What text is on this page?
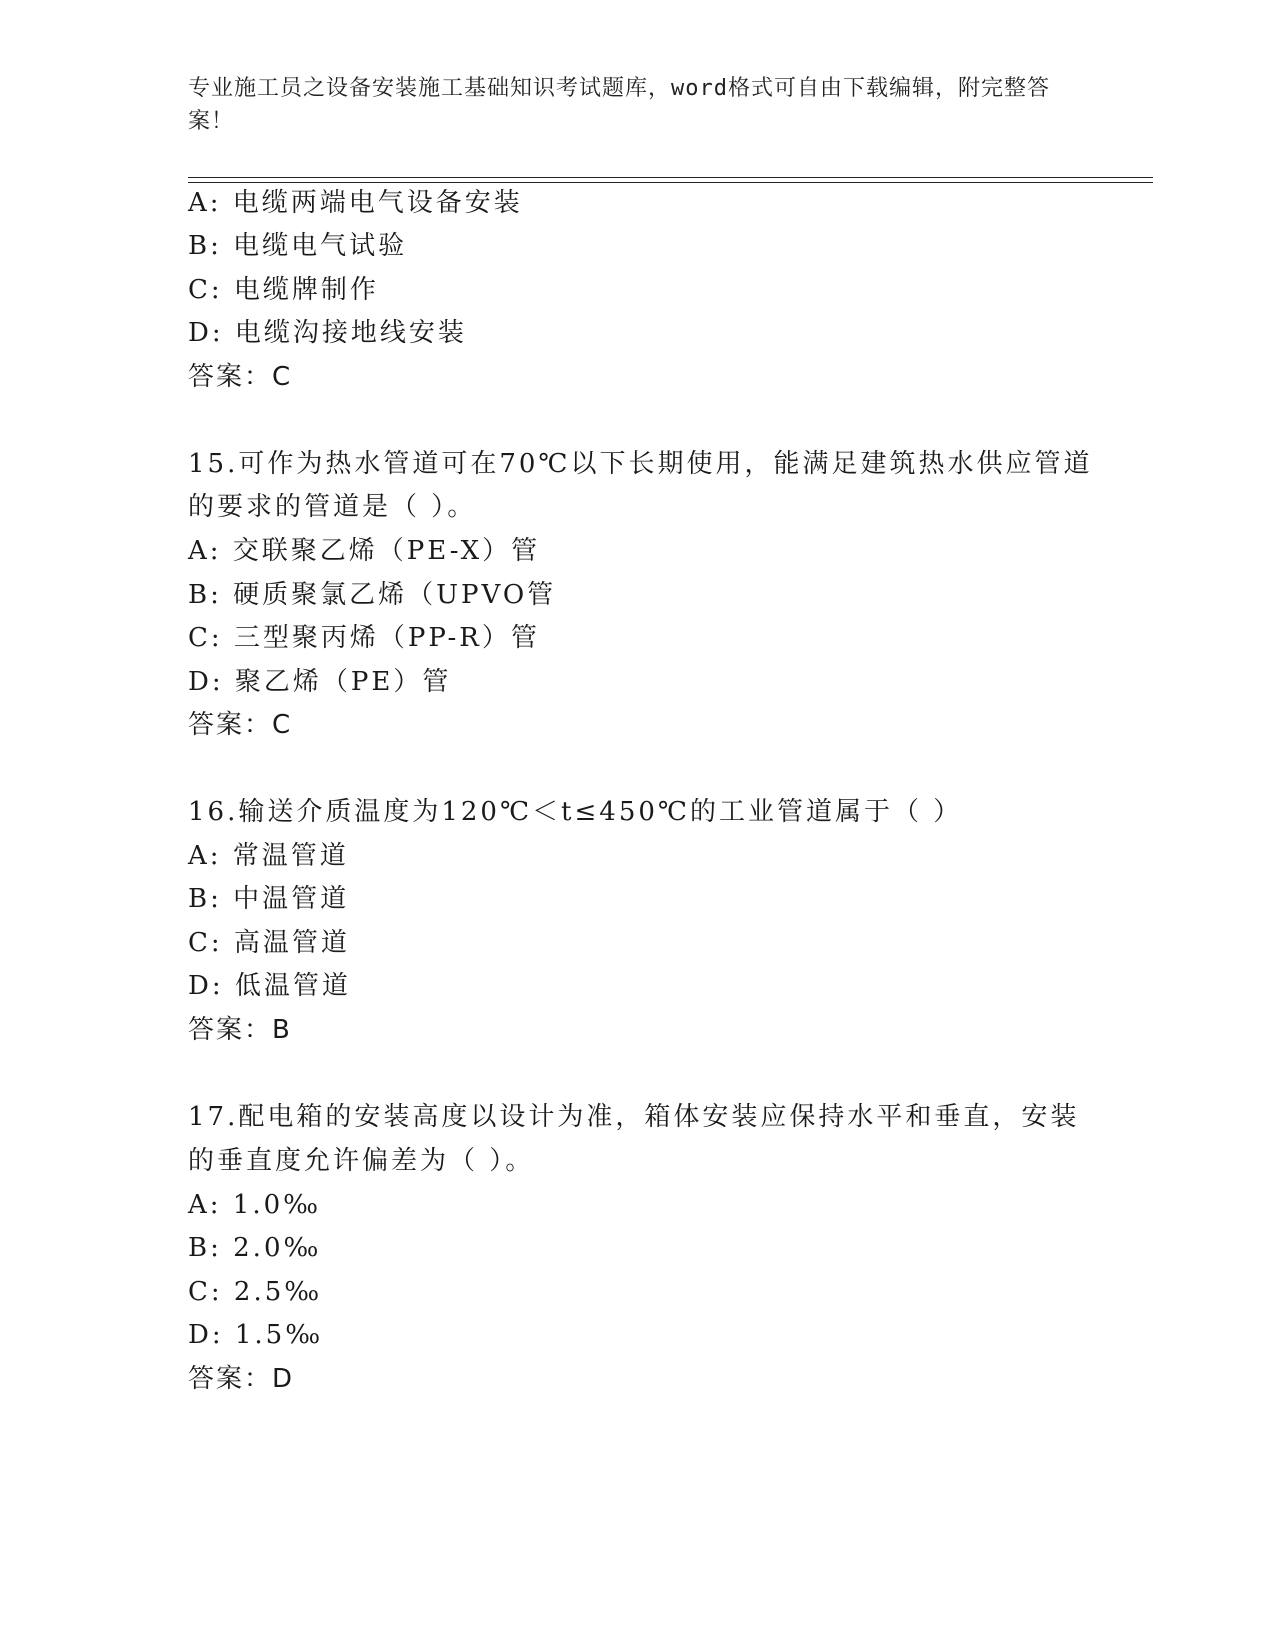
专业施工员之设备安装施工基础知识考试题库，word格式可自由下载编辑，附完整答案！
A: 电缆两端电气设备安装
B: 电缆电气试验
C: 电缆牌制作
D: 电缆沟接地线安装
答案：C
15.可作为热水管道可在70℃以下长期使用，能满足建筑热水供应管道
的要求的管道是（ ）。
A: 交联聚乙烯（PE-X）管
B: 硬质聚氯乙烯（UPVO管
C: 三型聚丙烯（PP-R）管
D: 聚乙烯（PE）管
答案：C
16.输送介质温度为120℃＜t≤450℃的工业管道属于（ ）
A: 常温管道
B: 中温管道
C: 高温管道
D: 低温管道
答案：B
17.配电箱的安装高度以设计为准，箱体安装应保持水平和垂直，安装
的垂直度允许偏差为（ ）。
A: 1.0‰
B: 2.0‰
C: 2.5‰
D: 1.5‰
答案：D
